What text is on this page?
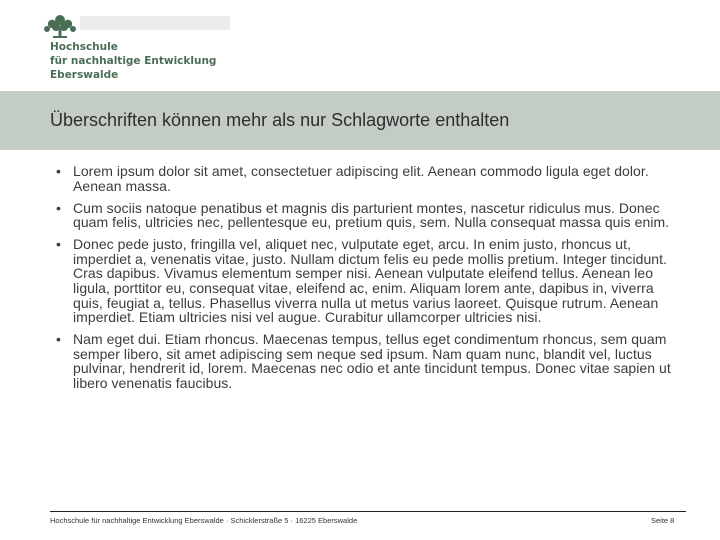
Hochschule
für nachhaltige Entwicklung
Eberswalde
Überschriften können mehr als nur Schlagworte enthalten
• Lorem ipsum dolor sit amet, consectetuer adipiscing elit. Aenean commodo ligula eget dolor. Aenean massa.
• Cum sociis natoque penatibus et magnis dis parturient montes, nascetur ridiculus mus. Donec quam felis, ultricies nec, pellentesque eu, pretium quis, sem. Nulla consequat massa quis enim.
• Donec pede justo, fringilla vel, aliquet nec, vulputate eget, arcu. In enim justo, rhoncus ut, imperdiet a, venenatis vitae, justo. Nullam dictum felis eu pede mollis pretium. Integer tincidunt. Cras dapibus. Vivamus elementum semper nisi. Aenean vulputate eleifend tellus. Aenean leo ligula, porttitor eu, consequat vitae, eleifend ac, enim. Aliquam lorem ante, dapibus in, viverra quis, feugiat a, tellus. Phasellus viverra nulla ut metus varius laoreet. Quisque rutrum. Aenean imperdiet. Etiam ultricies nisi vel augue. Curabitur ullamcorper ultricies nisi.
• Nam eget dui. Etiam rhoncus. Maecenas tempus, tellus eget condimentum rhoncus, sem quam semper libero, sit amet adipiscing sem neque sed ipsum. Nam quam nunc, blandit vel, luctus pulvinar, hendrerit id, lorem. Maecenas nec odio et ante tincidunt tempus. Donec vitae sapien ut libero venenatis faucibus.
Hochschule für nachhaltige Entwicklung Eberswalde · Schicklerstraße 5 · 16225 Eberswalde	Seite 8
